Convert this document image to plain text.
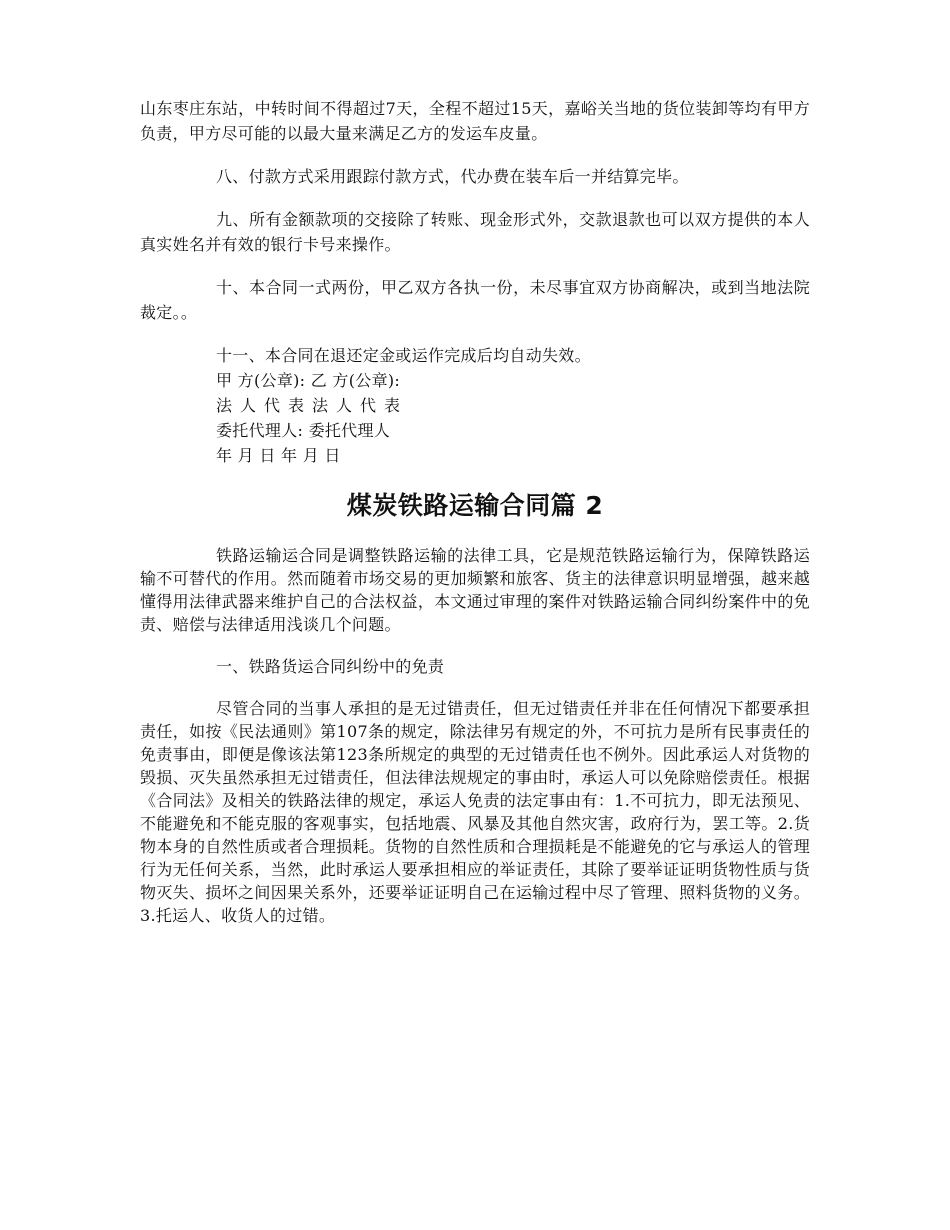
山东枣庄东站，中转时间不得超过7天，全程不超过15天，嘉峪关当地的货位装卸等均有甲方负责，甲方尽可能的以最大量来满足乙方的发运车皮量。

八、付款方式采用跟踪付款方式，代办费在装车后一并结算完毕。

九、所有金额款项的交接除了转账、现金形式外，交款退款也可以双方提供的本人真实姓名并有效的银行卡号来操作。

十、本合同一式两份，甲乙双方各执一份，未尽事宜双方协商解决，或到当地法院裁定。。

十一、本合同在退还定金或运作完成后均自动失效。

甲 方(公章): 乙 方(公章):

法人代表法人代表

委托代理人: 委托代理人

年 月 日 年 月 日

煤炭铁路运输合同篇 2

铁路运输运合同是调整铁路运输的法律工具，它是规范铁路运输行为，保障铁路运输不可替代的作用。然而随着市场交易的更加频繁和旅客、货主的法律意识明显增强，越来越懂得用法律武器来维护自己的合法权益，本文通过审理的案件对铁路运输合同纠纷案件中的免责、赔偿与法律适用浅谈几个问题。

一、铁路货运合同纠纷中的免责

尽管合同的当事人承担的是无过错责任，但无过错责任并非在任何情况下都要承担责任，如按《民法通则》第107条的规定，除法律另有规定的外，不可抗力是所有民事责任的免责事由，即便是像该法第123条所规定的典型的无过错责任也不例外。因此承运人对货物的毁损、灭失虽然承担无过错责任，但法律法规规定的事由时，承运人可以免除赔偿责任。根据《合同法》及相关的铁路法律的规定，承运人免责的法定事由有：1.不可抗力，即无法预见、不能避免和不能克服的客观事实，包括地震、风暴及其他自然灾害，政府行为，罢工等。2.货物本身的自然性质或者合理损耗。货物的自然性质和合理损耗是不能避免的它与承运人的管理行为无任何关系，当然，此时承运人要承担相应的举证责任，其除了要举证证明货物性质与货物灭失、损坏之间因果关系外，还要举证证明自己在运输过程中尽了管理、照料货物的义务。3.托运人、收货人的过错。
